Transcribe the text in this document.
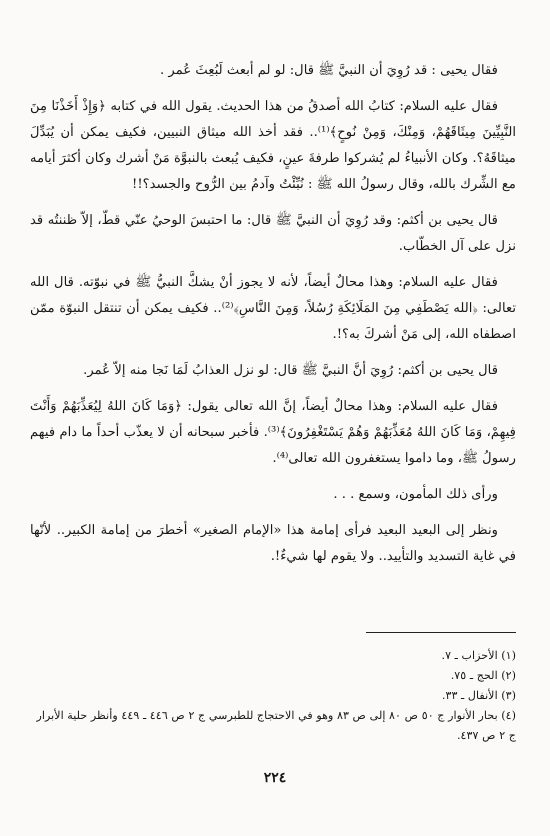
فقال يحيى : قد رُوِيَ أن النبيَّ ﷺ قال: لو لم أبعث لَبُعِثَ عُمر .

فقال عليه السلام: كتابُ الله أصدقُ من هذا الحديث. يقول الله في كتابه ﴿وَإِذْ أَخَذْنَا مِنَ النَّبِيِّينَ مِيثَاقَهُمْ، وَمِنْكَ، وَمِنْ نُوحٍ﴾⁽¹⁾.. فقد أخذ الله ميثاق النبيين، فكيف يمكن أن يُبَدِّلَ ميثاقَهُ؟. وكان الأنبياءُ لم يُشركوا طرفةَ عينٍ، فكيف يُبعث بالنبوَّة مَنْ أشرك وكان أكثرَ أيامه مع الشِّرك بالله، وقال رسولُ الله ﷺ : نُبِّئْتُ وآدمُ بين الرُّوح والجسد؟!!

قال يحيى بن أكثم: وقد رُوِيَ أن النبيَّ ﷺ قال: ما احتبسَ الوحيُ عنّي قطّ، إلاّ ظننتُه قد نزل على آل الخطّاب.

فقال عليه السلام: وهذا محالٌ أيضاً، لأنه لا يجوز أنْ يشكَّ النبيُّ ﷺ في نبوّته. قال الله تعالى: ﴿الله يَصْطَفِي مِنَ المَلَائِكَةِ رُسُلاً، وَمِنَ النَّاسِ﴾⁽²⁾.. فكيف يمكن أن تنتقل النبوّة ممّن اصطفاه الله، إلى مَنْ أشركَ به؟!.

قال يحيى بن أكثم: رُوِيَ أنَّ النبيَّ ﷺ قال: لو نزل العذابُ لَمَا نَجا منه إلاّ عُمر.

فقال عليه السلام: وهذا محالٌ أيضاً، إنَّ الله تعالى يقول: ﴿وَمَا كَانَ اللهُ لِيُعَذِّبَهُمْ وَأَنْتَ فِيهِمْ، وَمَا كَانَ اللهُ مُعَذِّبَهُمْ وَهُمْ يَسْتَغْفِرُونَ﴾⁽³⁾. فأخبر سبحانه أن لا يعذّب أحداً ما دام فيهم رسولُ ﷺ، وما داموا يستغفرون الله تعالى⁽⁴⁾.

ورأى ذلك المأمون، وسمع . . .

ونظر إلى البعيد البعيد فرأى إمامة هذا «الإمام الصغير» أخطرَ من إمامة الكبير.. لأنّها في غاية التسديد والتأييد.. ولا يقوم لها شيءٌ!.

(١) الأحزاب ـ ٧.

(٢) الحج ـ ٧٥.

(٣) الأنفال ـ ٣٣.

(٤) بحار الأنوار ج ٥٠ ص ٨٠ إلى ص ٨٣ وهو في الاحتجاج للطبرسي ج ٢ ص ٤٤٦ ـ ٤٤٩ وأنظر حلية الأبرار ج ٢ ص ٤٣٧.

٢٢٤
